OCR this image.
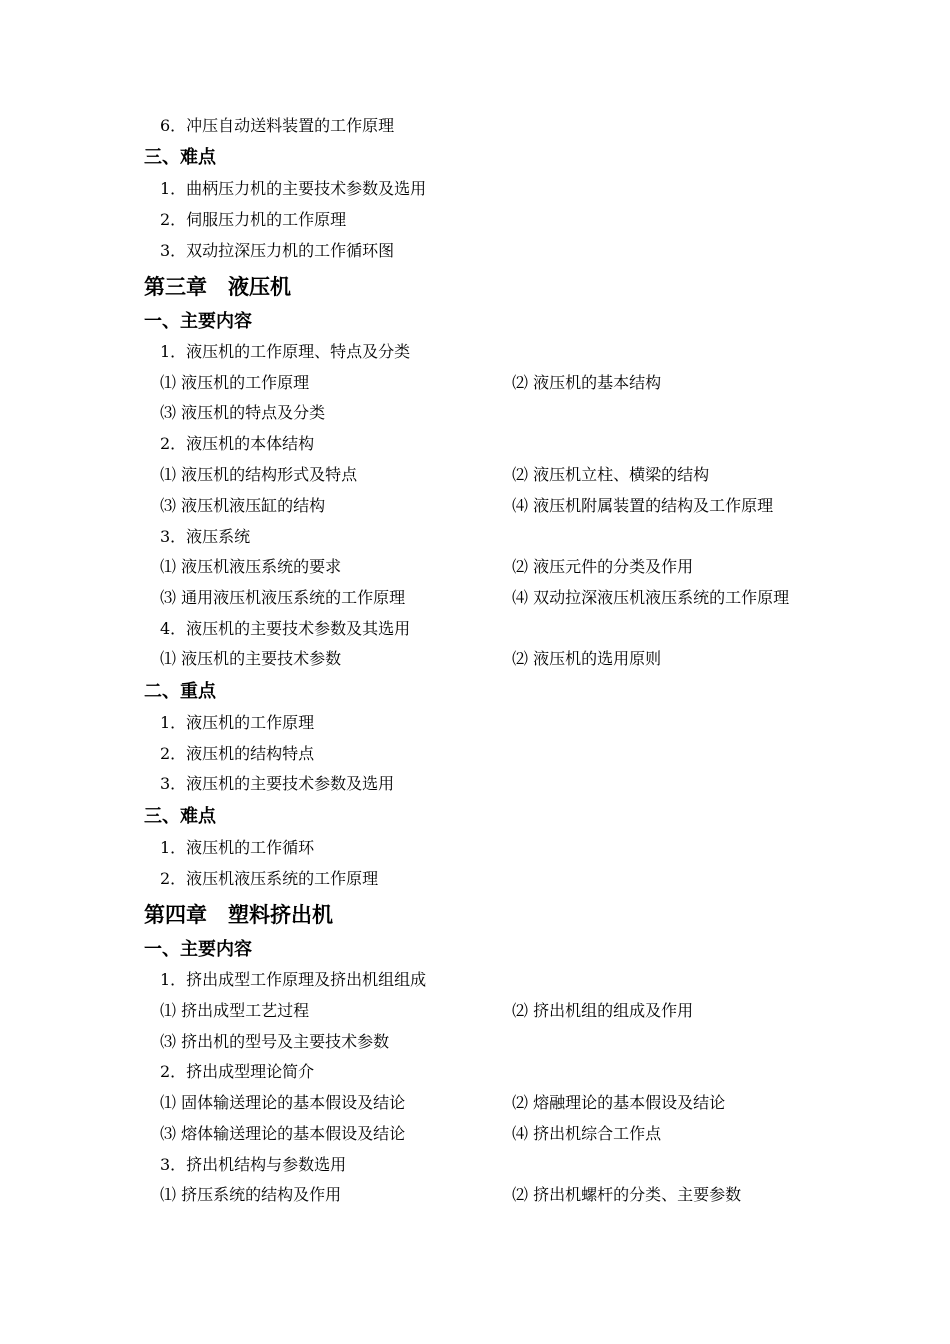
6．冲压自动送料装置的工作原理
三、难点
1．曲柄压力机的主要技术参数及选用
2．伺服压力机的工作原理
3．双动拉深压力机的工作循环图
第三章　液压机
一、主要内容
1．液压机的工作原理、特点及分类
⑴ 液压机的工作原理	⑵ 液压机的基本结构
⑶ 液压机的特点及分类
2．液压机的本体结构
⑴ 液压机的结构形式及特点	⑵ 液压机立柱、横梁的结构
⑶ 液压机液压缸的结构	⑷ 液压机附属装置的结构及工作原理
3．液压系统
⑴ 液压机液压系统的要求	⑵ 液压元件的分类及作用
⑶ 通用液压机液压系统的工作原理	⑷ 双动拉深液压机液压系统的工作原理
4．液压机的主要技术参数及其选用
⑴ 液压机的主要技术参数	⑵ 液压机的选用原则
二、重点
1．液压机的工作原理
2．液压机的结构特点
3．液压机的主要技术参数及选用
三、难点
1．液压机的工作循环
2．液压机液压系统的工作原理
第四章　塑料挤出机
一、主要内容
1．挤出成型工作原理及挤出机组组成
⑴ 挤出成型工艺过程	⑵ 挤出机组的组成及作用
⑶ 挤出机的型号及主要技术参数
2．挤出成型理论简介
⑴ 固体输送理论的基本假设及结论	⑵ 熔融理论的基本假设及结论
⑶ 熔体输送理论的基本假设及结论	⑷ 挤出机综合工作点
3．挤出机结构与参数选用
⑴ 挤压系统的结构及作用	⑵ 挤出机螺杆的分类、主要参数
